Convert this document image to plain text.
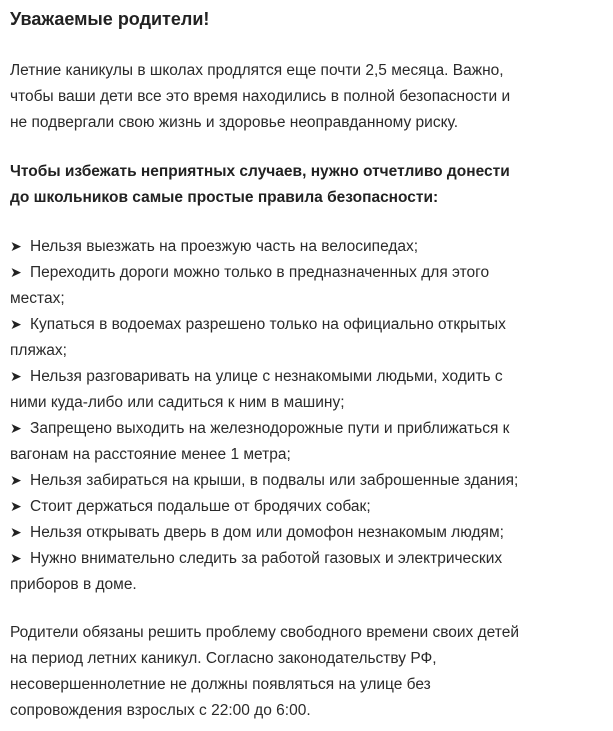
Уважаемые родители!
Летние каникулы в школах продлятся еще почти 2,5 месяца. Важно,
чтобы ваши дети все это время находились в полной безопасности и
не подвергали свою жизнь и здоровье неоправданному риску.
Чтобы избежать неприятных случаев, нужно отчетливо донести
до школьников самые простые правила безопасности:
➤ Нельзя выезжать на проезжую часть на велосипедах;
➤ Переходить дороги можно только в предназначенных для этого
местах;
➤ Купаться в водоемах разрешено только на официально открытых
пляжах;
➤ Нельзя разговаривать на улице с незнакомыми людьми, ходить с
ними куда-либо или садиться к ним в машину;
➤ Запрещено выходить на железнодорожные пути и приближаться к
вагонам на расстояние менее 1 метра;
➤ Нельзя забираться на крыши, в подвалы или заброшенные здания;
➤ Стоит держаться подальше от бродячих собак;
➤ Нельзя открывать дверь в дом или домофон незнакомым людям;
➤ Нужно внимательно следить за работой газовых и электрических
приборов в доме.
Родители обязаны решить проблему свободного времени своих детей
на период летних каникул. Согласно законодательству РФ,
несовершеннолетние не должны появляться на улице без
сопровождения взрослых с 22:00 до 6:00.
